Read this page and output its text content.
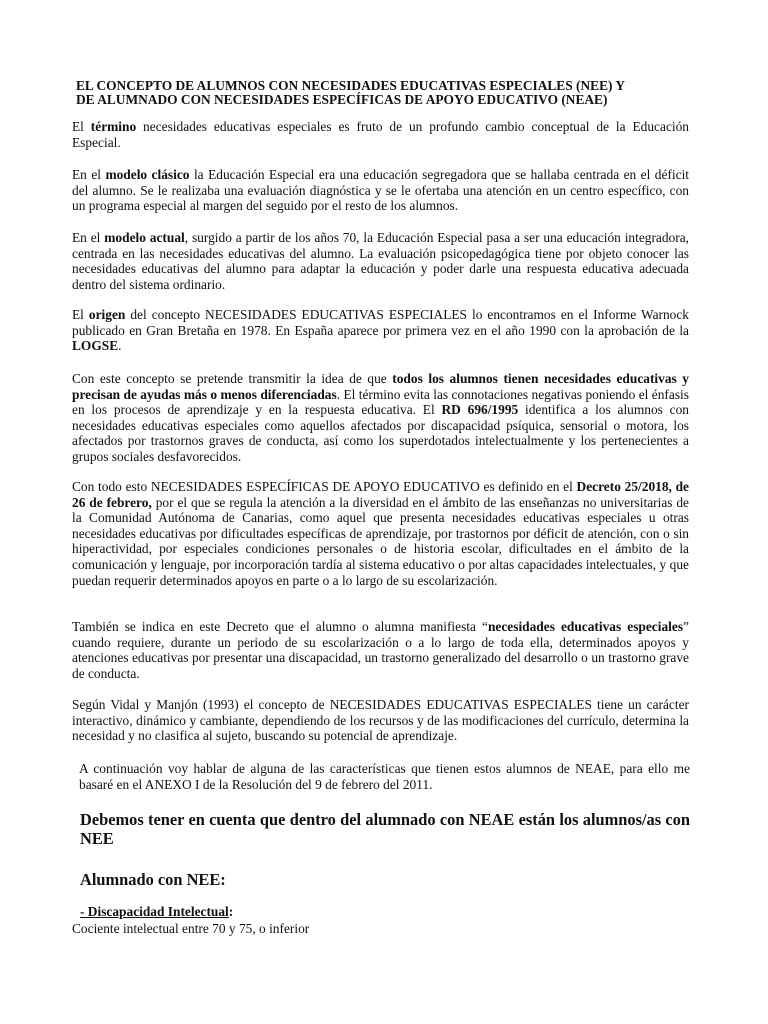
EL CONCEPTO DE ALUMNOS CON NECESIDADES EDUCATIVAS ESPECIALES (NEE) Y
DE ALUMNADO CON NECESIDADES ESPECÍFICAS DE APOYO EDUCATIVO (NEAE)

El término necesidades educativas especiales es fruto de un profundo cambio conceptual de la Educación Especial.

En el modelo clásico la Educación Especial era una educación segregadora que se hallaba centrada en el déficit del alumno. Se le realizaba una evaluación diagnóstica y se le ofertaba una atención en un centro específico, con un programa especial al margen del seguido por el resto de los alumnos.

En el modelo actual, surgido a partir de los años 70, la Educación Especial pasa a ser una educación integradora, centrada en las necesidades educativas del alumno. La evaluación psicopedagógica tiene por objeto conocer las necesidades educativas del alumno para adaptar la educación y poder darle una respuesta educativa adecuada dentro del sistema ordinario.

El origen del concepto NECESIDADES EDUCATIVAS ESPECIALES lo encontramos en el Informe Warnock publicado en Gran Bretaña en 1978. En España aparece por primera vez en el año 1990 con la aprobación de la LOGSE.

Con este concepto se pretende transmitir la idea de que todos los alumnos tienen necesidades educativas y precisan de ayudas más o menos diferenciadas. El término evita las connotaciones negativas poniendo el énfasis en los procesos de aprendizaje y en la respuesta educativa. El RD 696/1995 identifica a los alumnos con necesidades educativas especiales como aquellos afectados por discapacidad psíquica, sensorial o motora, los afectados por trastornos graves de conducta, así como los superdotados intelectualmente y los pertenecientes a grupos sociales desfavorecidos.

Con todo esto NECESIDADES ESPECÍFICAS DE APOYO EDUCATIVO es definido en el Decreto 25/2018, de 26 de febrero, por el que se regula la atención a la diversidad en el ámbito de las enseñanzas no universitarias de la Comunidad Autónoma de Canarias, como aquel que presenta necesidades educativas especiales u otras necesidades educativas por dificultades específicas de aprendizaje, por trastornos por déficit de atención, con o sin hiperactividad, por especiales condiciones personales o de historia escolar, dificultades en el ámbito de la comunicación y lenguaje, por incorporación tardía al sistema educativo o por altas capacidades intelectuales, y que puedan requerir determinados apoyos en parte o a lo largo de su escolarización.

También se indica en este Decreto que el alumno o alumna manifiesta “necesidades educativas especiales” cuando requiere, durante un periodo de su escolarización o a lo largo de toda ella, determinados apoyos y atenciones educativas por presentar una discapacidad, un trastorno generalizado del desarrollo o un trastorno grave de conducta.

Según Vidal y Manjón (1993) el concepto de NECESIDADES EDUCATIVAS ESPECIALES tiene un carácter interactivo, dinámico y cambiante, dependiendo de los recursos y de las modificaciones del currículo, determina la necesidad y no clasifica al sujeto, buscando su potencial de aprendizaje.

A continuación voy hablar de alguna de las características que tienen estos alumnos de NEAE, para ello me basaré en el ANEXO I de la Resolución del 9 de febrero del 2011.

Debemos tener en cuenta que dentro del alumnado con NEAE están los alumnos/as con NEE
Alumnado con NEE:

- Discapacidad Intelectual:

Cociente intelectual entre 70 y 75, o inferior
